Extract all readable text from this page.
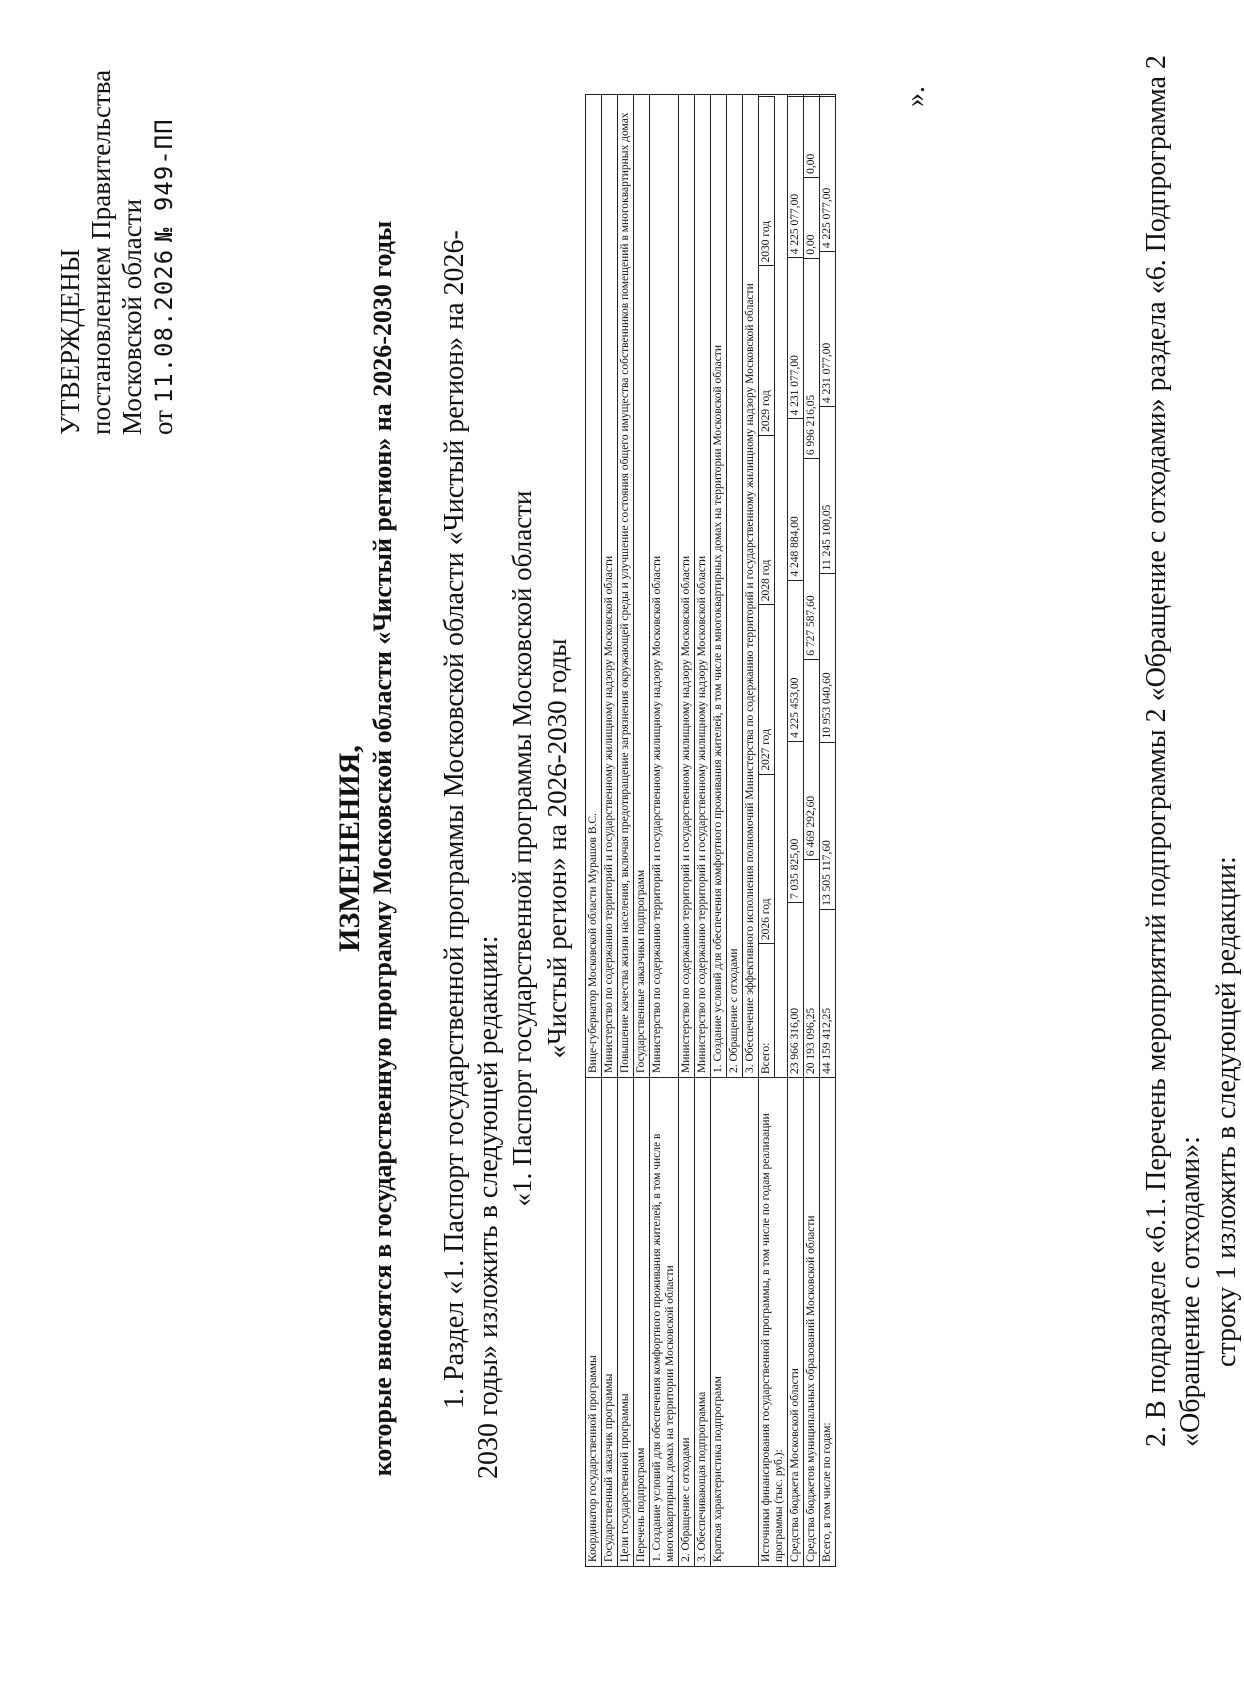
УТВЕРЖДЕНЫ постановлением Правительства Московской области от 11.08.2026 № 949-ПП
ИЗМЕНЕНИЯ, которые вносятся в государственную программу Московской области «Чистый регион» на 2026-2030 годы 1. Раздел «1. Паспорт государственной программы Московской области «Чистый регион» на 2026-2030 годы» изложить в следующей редакции:
«1. Паспорт государственной программы Московской области «Чистый регион» на 2026-2030 годы
Координатор государственной программы	Вице-губернатор Московской области Мурашов В.С.
Государственный заказчик программы	Министерство по содержанию территорий и государственному жилищному надзору Московской области
Цели государственной программы	Повышение качества жизни населения, включая предотвращение загрязнения окружающей среды и улучшение состояния общего имущества собственников помещений в многоквартирных домах
Перечень подпрограмм	Государственные заказчики подпрограмм
1. Создание условий для обеспечения комфортного проживания жителей, в том числе в многоквартирных домах на территории Московской области	Министерство по содержанию территорий и государственному жилищному надзору Московской области
2. Обращение с отходами	Министерство по содержанию территорий и государственному жилищному надзору Московской области
3. Обеспечивающая подпрограмма	Министерство по содержанию территорий и государственному жилищному надзору Московской области
Краткая характеристика подпрограмм	1. Создание условий для обеспечения комфортного проживания жителей, в том числе в многоквартирных домах на территории Московской области
2. Обращение с отходами
3. Обеспечение эффективного исполнения полномочий Министерства по содержанию территорий и государственному жилищному надзору Московской области
Источники финансирования государственной программы, в том числе по годам реализации программы (тыс. руб.):	
Всего:	2026 год	2027 год	2028 год	2029 год	2030 год

Средства бюджета Московской области	
23 966 316,00	7 035 825,00	4 225 453,00	4 248 884,00	4 231 077,00	4 225 077,00

Средства бюджетов муниципальных образований Московской области	
20 193 096,25	6 469 292,60	6 727 587,60	6 996 216,05	0,00	0,00

Всего, в том числе по годам:	
44 159 412,25	13 505 117,60	10 953 040,60	11 245 100,05	4 231 077,00	4 225 077,00
».	2. В подразделе «6.1. Перечень мероприятий подпрограммы 2 «Обращение с отходами» раздела «6. Подпрограмма 2 «Обращение с отходами»: строку 1 изложить в следующей редакции:
